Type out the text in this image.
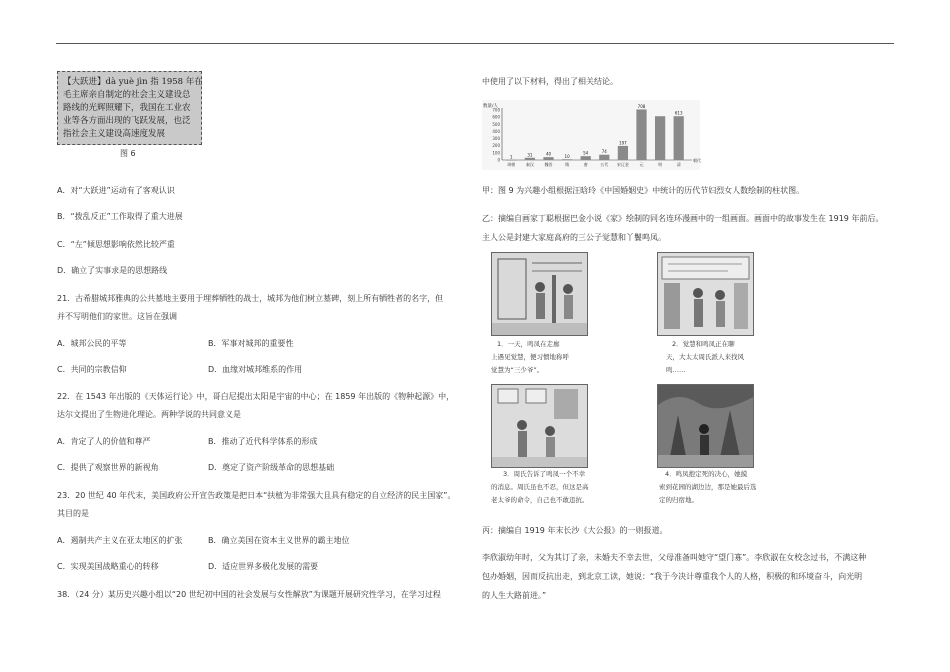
【大跃进】dà yuè jìn 指 1958 年在
毛主席亲自制定的社会主义建设总
路线的光辉照耀下，我国在工业农
业等各方面出现的飞跃发展，也泛
指社会主义建设高速度发展
图 6
A．对“大跃进”运动有了客观认识
B．“拨乱反正”工作取得了重大进展
C．“左”倾思想影响依然比较严重
D．确立了实事求是的思想路线
21．古希腊城邦雅典的公共墓地主要用于埋葬牺牲的战士，城邦为他们树立墓碑，刻上所有牺牲者的名字，但
并不写明他们的家世。这旨在强调
A．城邦公民的平等	B．军事对城邦的重要性
C．共同的宗教信仰	D．血缘对城邦维系的作用
22．在 1543 年出版的《天体运行论》中，哥白尼提出太阳是宇宙的中心；在 1859 年出版的《物种起源》中，
达尔文提出了生物进化理论。两种学说的共同意义是
A．肯定了人的价值和尊严	B．推动了近代科学体系的形成
C．提供了观察世界的新视角	D．奠定了资产阶级革命的思想基础
23．20 世纪 40 年代末，美国政府公开宣告政策是把日本“扶植为非常强大且具有稳定的自立经济的民主国家”。
其目的是
A．遏制共产主义在亚太地区的扩张	B．确立美国在资本主义世界的霸主地位
C．实现美国战略重心的转移	D．适应世界多极化发展的需要
38．（24 分）某历史兴趣小组以“20 世纪初中国的社会发展与女性解放”为课题开展研究性学习，在学习过程
中使用了以下材料，得出了相关结论。
数量/人
700
600
500
400
300
200
100
0
1
周朝
31
秦汉
40
魏晋
10
隋
54
唐
74
五代
197
宋辽金
708
元	明
613
清
朝代
甲：图 9 为兴趣小组根据汪晗玲《中国婚姻史》中统计的历代节妇烈女人数绘制的柱状图。
乙：摘编自画家丁聪根据巴金小说《家》绘制的同名连环漫画中的一组画面。画面中的故事发生在 1919 年前后。
主人公是封建大家庭高府的三公子觉慧和丫鬟鸣凤。
1．一天，鸣凤在走廊
上遇见觉慧，便习惯地称呼
觉慧为“三少爷”。
2．觉慧和鸣凤正在聊
天，大太太周氏派人来找风
鸣……
3．周氏告诉了鸣凤一个不幸
的消息。周氏虽也不忍，但这是高
老太爷的命令，自己也不敢违抗。
4．鸣凤抱定死的决心，她摸
索到花园的湖边边，那是她最后选
定的归宿地。
丙：摘编自 1919 年末长沙《大公报》的一则报道。
李欣淑幼年时，父为其订了亲，未婚夫不幸去世，父母准备叫她守“望门寡”。李欣淑在女校念过书，不满这种
包办婚姻，因而反抗出走，到北京工读，她说：“我于今决计尊重我个人的人格，积极的和环境奋斗，向光明
的人生大路前进。”
